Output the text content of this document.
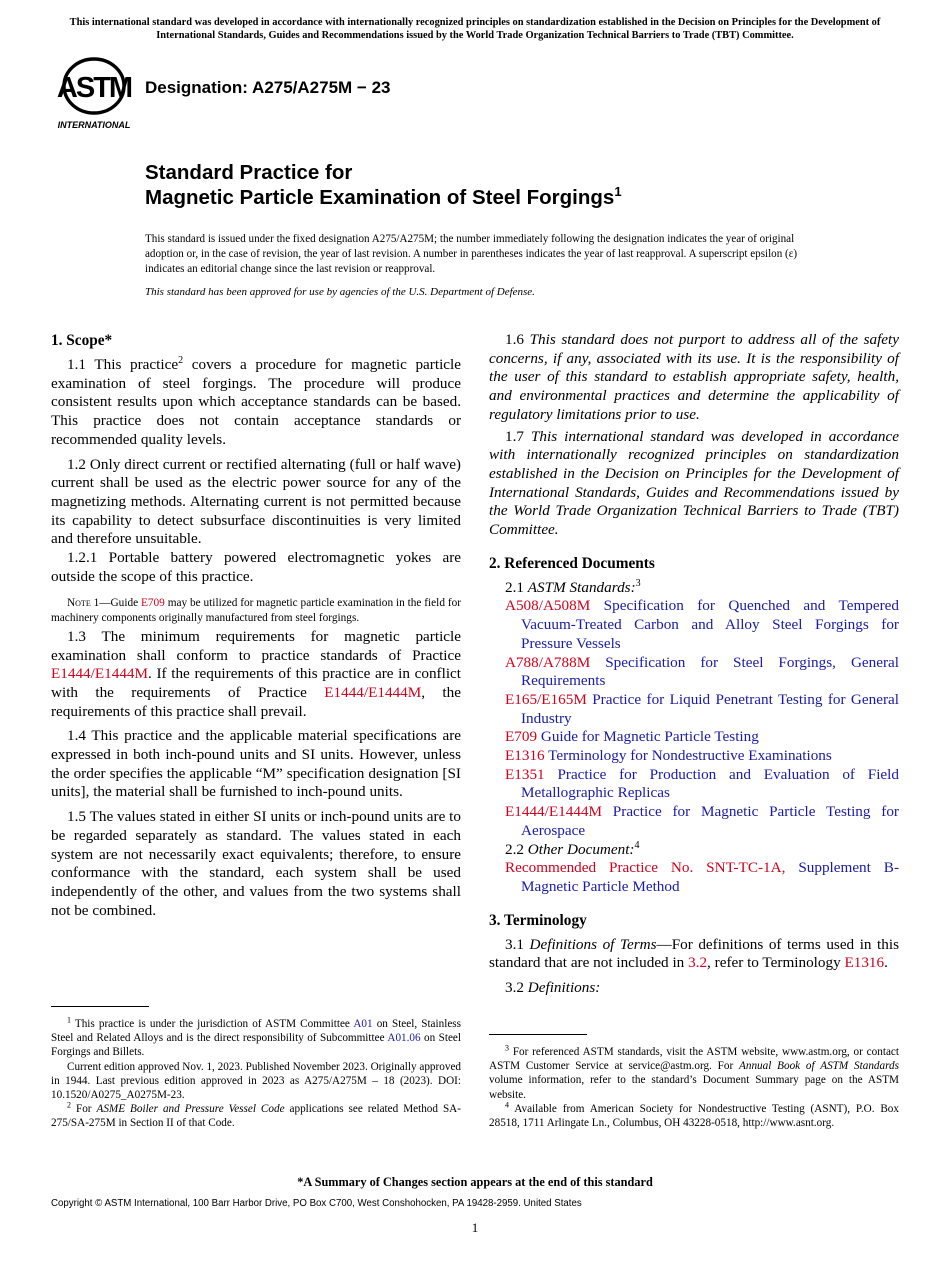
This international standard was developed in accordance with internationally recognized principles on standardization established in the Decision on Principles for the Development of International Standards, Guides and Recommendations issued by the World Trade Organization Technical Barriers to Trade (TBT) Committee.
ASTM
INTERNATIONAL
Designation: A275/A275M − 23
Standard Practice for
Magnetic Particle Examination of Steel Forgings$^1$
This standard is issued under the fixed designation A275/A275M; the number immediately following the designation indicates the year of original adoption or, in the case of revision, the year of last revision. A number in parentheses indicates the year of last reapproval. A superscript epsilon (ε) indicates an editorial change since the last revision or reapproval.
This standard has been approved for use by agencies of the U.S. Department of Defense.
1. Scope*

1.1 This practice$^2$ covers a procedure for magnetic particle examination of steel forgings. The procedure will produce consistent results upon which acceptance standards can be based. This practice does not contain acceptance standards or recommended quality levels.

1.2 Only direct current or rectified alternating (full or half wave) current shall be used as the electric power source for any of the magnetizing methods. Alternating current is not permitted because its capability to detect subsurface discontinuities is very limited and therefore unsuitable.

1.2.1 Portable battery powered electromagnetic yokes are outside the scope of this practice.

Note 1—Guide E709 may be utilized for magnetic particle examination in the field for machinery components originally manufactured from steel forgings.

1.3 The minimum requirements for magnetic particle examination shall conform to practice standards of Practice E1444/E1444M. If the requirements of this practice are in conflict with the requirements of Practice E1444/E1444M, the requirements of this practice shall prevail.

1.4 This practice and the applicable material specifications are expressed in both inch-pound units and SI units. However, unless the order specifies the applicable “M” specification designation [SI units], the material shall be furnished to inch-pound units.

1.5 The values stated in either SI units or inch-pound units are to be regarded separately as standard. The values stated in each system are not necessarily exact equivalents; therefore, to ensure conformance with the standard, each system shall be used independently of the other, and values from the two systems shall not be combined.

1.6 This standard does not purport to address all of the safety concerns, if any, associated with its use. It is the responsibility of the user of this standard to establish appropriate safety, health, and environmental practices and determine the applicability of regulatory limitations prior to use.

1.7 This international standard was developed in accordance with internationally recognized principles on standardization established in the Decision on Principles for the Development of International Standards, Guides and Recommendations issued by the World Trade Organization Technical Barriers to Trade (TBT) Committee.

2. Referenced Documents

2.1 ASTM Standards:$^3$

A508/A508M Specification for Quenched and Tempered Vacuum-Treated Carbon and Alloy Steel Forgings for Pressure Vessels

A788/A788M Specification for Steel Forgings, General Requirements

E165/E165M Practice for Liquid Penetrant Testing for General Industry

E709 Guide for Magnetic Particle Testing

E1316 Terminology for Nondestructive Examinations

E1351 Practice for Production and Evaluation of Field Metallographic Replicas

E1444/E1444M Practice for Magnetic Particle Testing for Aerospace

2.2 Other Document:$^4$

Recommended Practice No. SNT-TC-1A, Supplement B-Magnetic Particle Method

3. Terminology

3.1 Definitions of Terms—For definitions of terms used in this standard that are not included in 3.2, refer to Terminology E1316.

3.2 Definitions:

$^1$ This practice is under the jurisdiction of ASTM Committee A01 on Steel, Stainless Steel and Related Alloys and is the direct responsibility of Subcommittee A01.06 on Steel Forgings and Billets.

Current edition approved Nov. 1, 2023. Published November 2023. Originally approved in 1944. Last previous edition approved in 2023 as A275/A275M – 18 (2023). DOI: 10.1520/A0275_A0275M-23.

$^2$ For ASME Boiler and Pressure Vessel Code applications see related Method SA-275/SA-275M in Section II of that Code.

$^3$ For referenced ASTM standards, visit the ASTM website, www.astm.org, or contact ASTM Customer Service at service@astm.org. For Annual Book of ASTM Standards volume information, refer to the standard’s Document Summary page on the ASTM website.

$^4$ Available from American Society for Nondestructive Testing (ASNT), P.O. Box 28518, 1711 Arlingate Ln., Columbus, OH 43228-0518, http://www.asnt.org.

*A Summary of Changes section appears at the end of this standard
Copyright © ASTM International, 100 Barr Harbor Drive, PO Box C700, West Conshohocken, PA 19428-2959. United States
1
